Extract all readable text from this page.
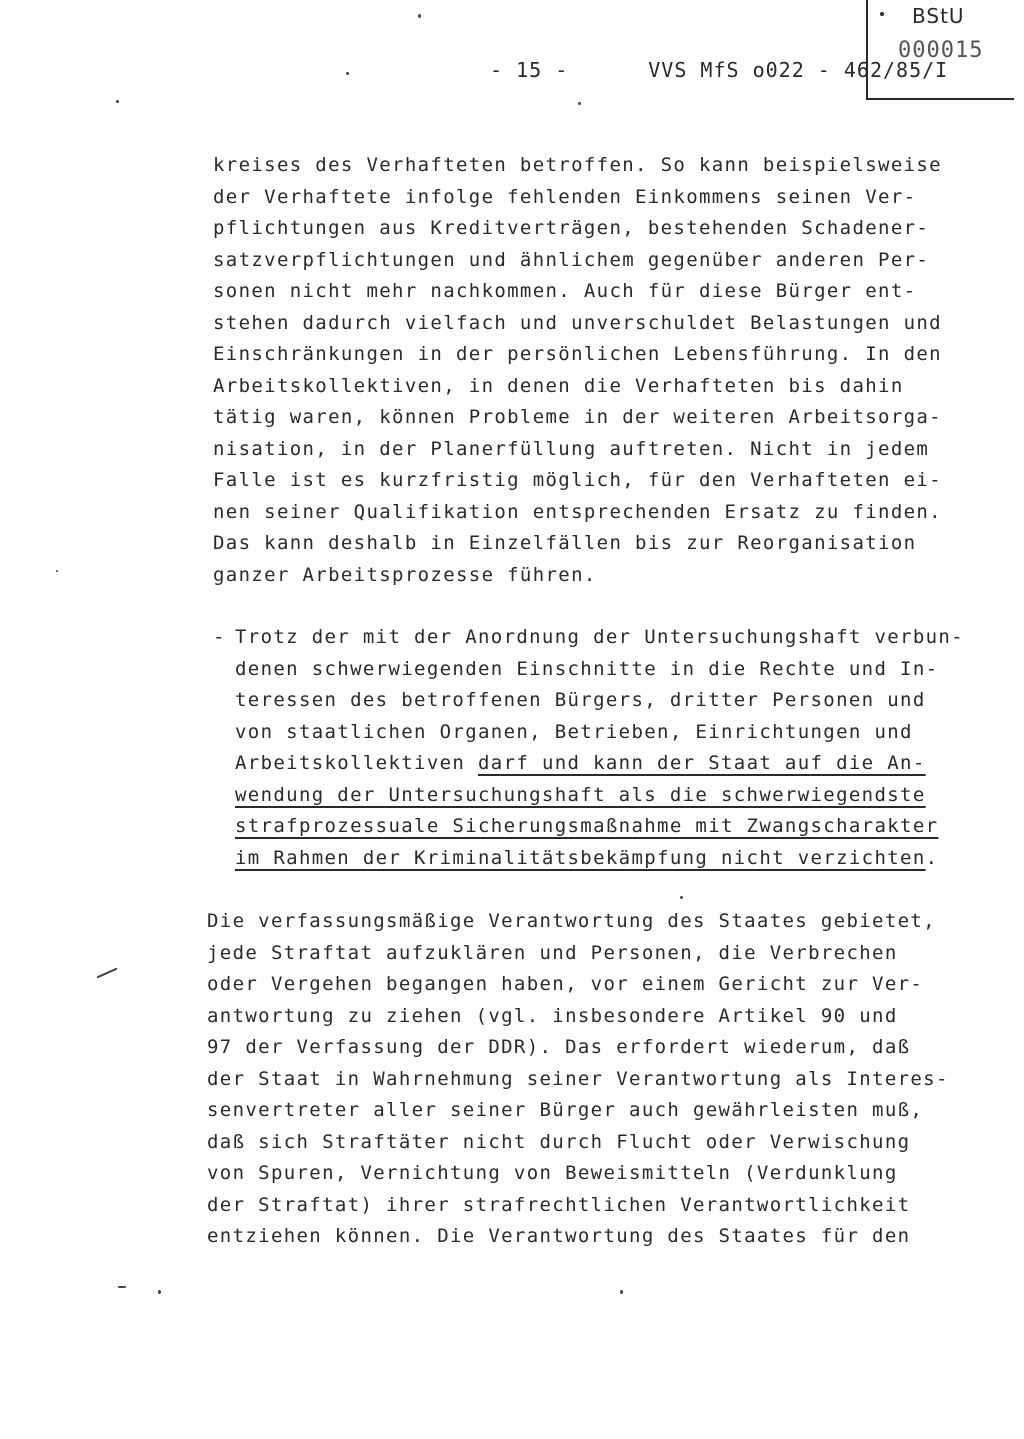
- 15 -	VVS MfS o022 - 462/85/I
BStU
000015
kreises des Verhafteten betroffen. So kann beispielsweise
der Verhaftete infolge fehlenden Einkommens seinen Ver-
pflichtungen aus Kreditverträgen, bestehenden Schadener-
satzverpflichtungen und ähnlichem gegenüber anderen Per-
sonen nicht mehr nachkommen. Auch für diese Bürger ent-
stehen dadurch vielfach und unverschuldet Belastungen und
Einschränkungen in der persönlichen Lebensführung. In den
Arbeitskollektiven, in denen die Verhafteten bis dahin
tätig waren, können Probleme in der weiteren Arbeitsorga-
nisation, in der Planerfüllung auftreten. Nicht in jedem
Falle ist es kurzfristig möglich, für den Verhafteten ei-
nen seiner Qualifikation entsprechenden Ersatz zu finden.
Das kann deshalb in Einzelfällen bis zur Reorganisation
ganzer Arbeitsprozesse führen.
- Trotz der mit der Anordnung der Untersuchungshaft verbun-
denen schwerwiegenden Einschnitte in die Rechte und In-
teressen des betroffenen Bürgers, dritter Personen und
von staatlichen Organen, Betrieben, Einrichtungen und
Arbeitskollektiven darf und kann der Staat auf die An-
wendung der Untersuchungshaft als die schwerwiegendste
strafprozessuale Sicherungsmaßnahme mit Zwangscharakter
im Rahmen der Kriminalitätsbekämpfung nicht verzichten.
Die verfassungsmäßige Verantwortung des Staates gebietet,
jede Straftat aufzuklären und Personen, die Verbrechen
oder Vergehen begangen haben, vor einem Gericht zur Ver-
antwortung zu ziehen (vgl. insbesondere Artikel 90 und
97 der Verfassung der DDR). Das erfordert wiederum, daß
der Staat in Wahrnehmung seiner Verantwortung als Interes-
senvertreter aller seiner Bürger auch gewährleisten muß,
daß sich Straftäter nicht durch Flucht oder Verwischung
von Spuren, Vernichtung von Beweismitteln (Verdunklung
der Straftat) ihrer strafrechtlichen Verantwortlichkeit
entziehen können. Die Verantwortung des Staates für den
